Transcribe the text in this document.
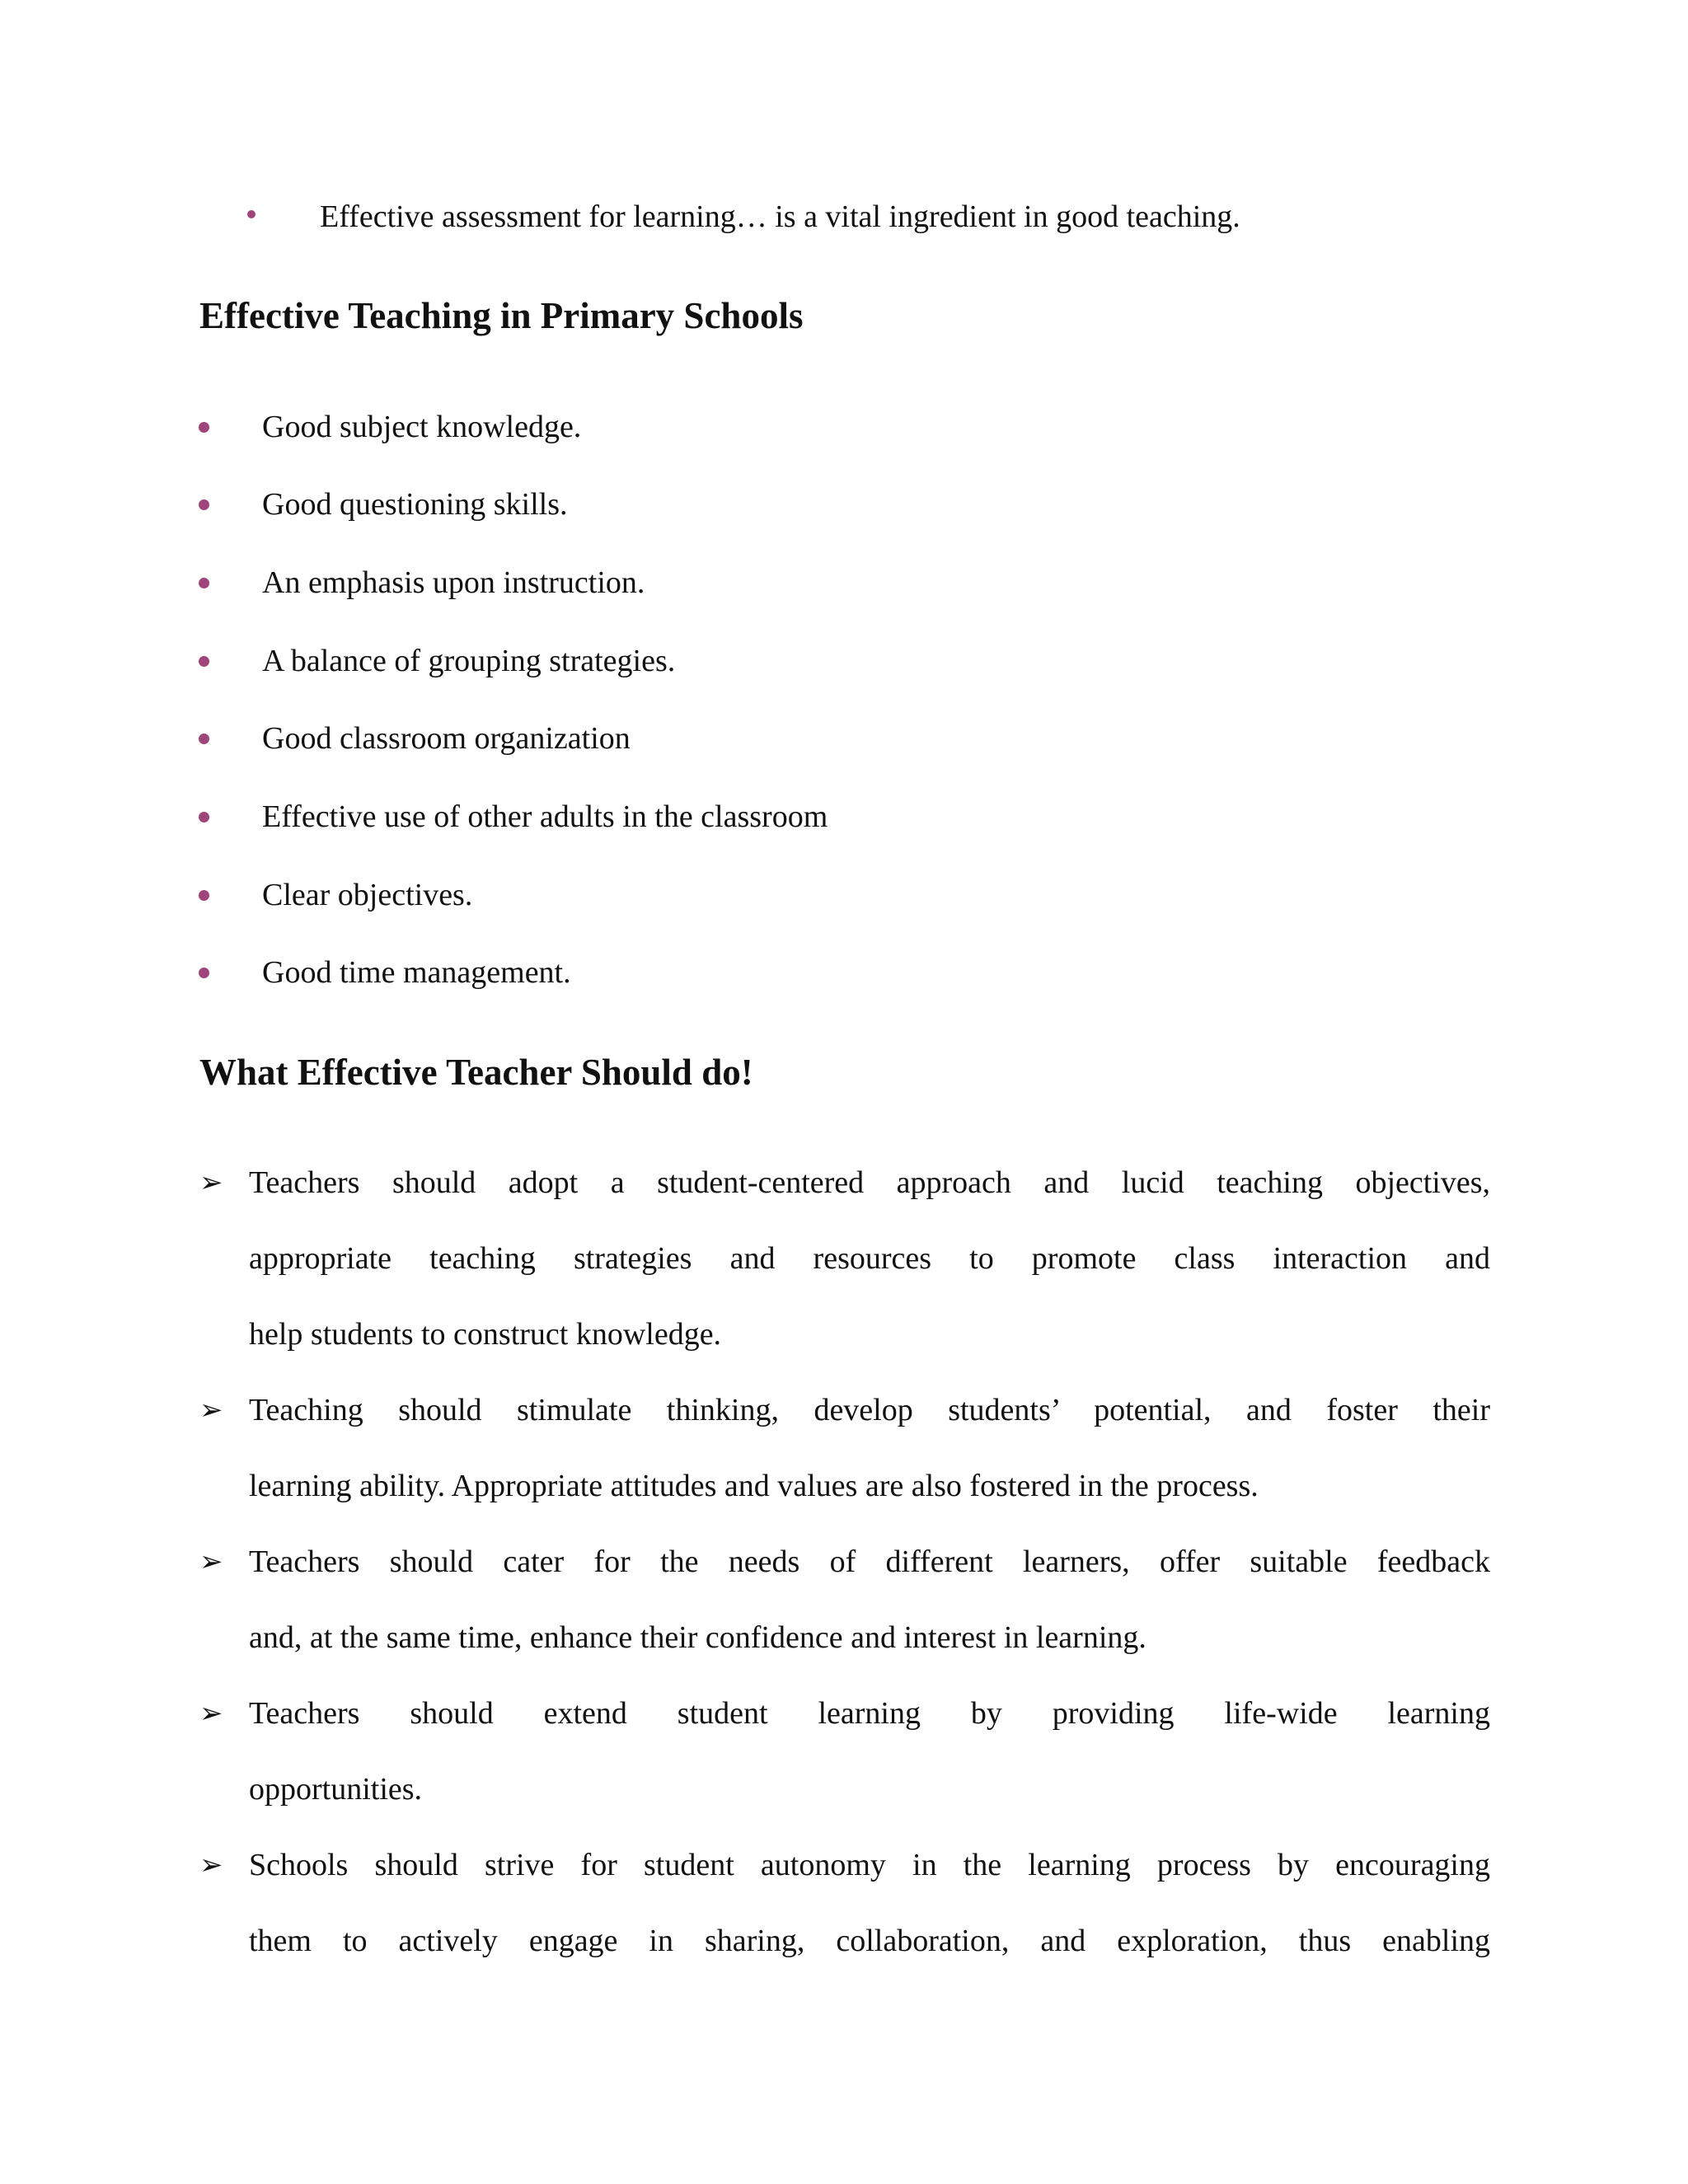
Effective assessment for learning… is a vital ingredient in good teaching.
Effective Teaching in Primary Schools
Good subject knowledge.
Good questioning skills.
An emphasis upon instruction.
A balance of grouping strategies.
Good classroom organization
Effective use of other adults in the classroom
Clear objectives.
Good time management.
What Effective Teacher Should do!
➢ Teachers should adopt a student-centered approach and lucid teaching objectives,
appropriate teaching strategies and resources to promote class interaction and
help students to construct knowledge.
➢ Teaching should stimulate thinking, develop students’ potential, and foster their
learning ability. Appropriate attitudes and values are also fostered in the process.
➢ Teachers should cater for the needs of different learners, offer suitable feedback
and, at the same time, enhance their confidence and interest in learning.
➢ Teachers should extend student learning by providing life-wide learning
opportunities.
➢ Schools should strive for student autonomy in the learning process by encouraging
them to actively engage in sharing, collaboration, and exploration, thus enabling
